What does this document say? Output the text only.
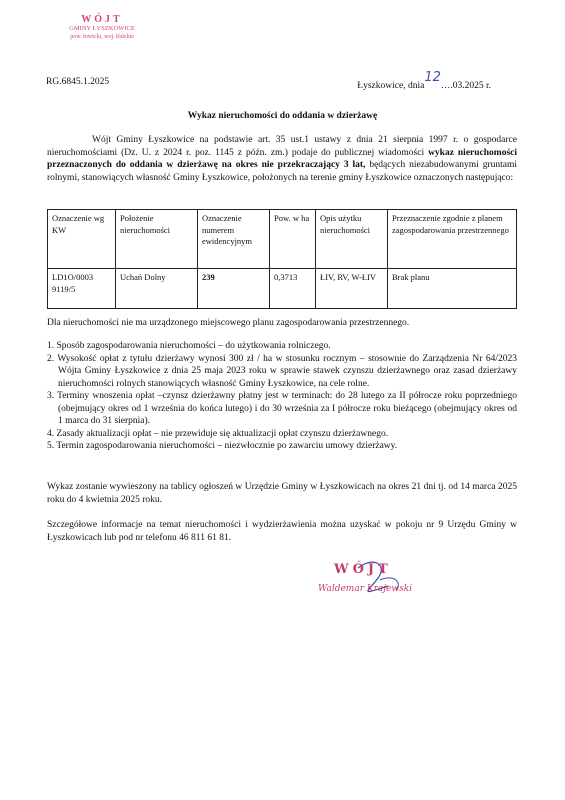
WÓJT
GMINY ŁYSZKOWICE
pow. łowicki, woj. łódzkie
RG.6845.1.2025	Łyszkowice, dnia12….03.2025 r.
Wykaz nieruchomości do oddania w dzierżawę

Wójt Gminy Łyszkowice na podstawie art. 35 ust.1 ustawy z dnia 21 sierpnia 1997 r. o gospodarce nieruchomościami (Dz. U. z 2024 r. poz. 1145 z późn. zm.) podaje do publicznej wiadomości wykaz nieruchomości przeznaczonych do oddania w dzierżawę na okres nie przekraczający 3 lat, będących niezabudowanymi gruntami rolnymi, stanowiących własność Gminy Łyszkowice, położonych na terenie gminy Łyszkowice oznaczonych następująco:

Oznaczenie wg KW	Położenie nieruchomości	Oznaczenie numerem ewidencyjnym	Pow. w ha	Opis użytku nieruchomości	Przeznaczenie zgodnie z planem zagospodarowania przestrzennego
LD1O/0003 9119/5	Uchań Dolny	239	0,3713	ŁIV, RV, W-ŁIV	Brak planu
Dla nieruchomości nie ma urządzonego miejscowego planu zagospodarowania przestrzennego.
1. Sposób zagospodarowania nieruchomości – do użytkowania rolniczego.
2. Wysokość opłat z tytułu dzierżawy wynosi 300 zł / ha w stosunku rocznym – stosownie do Zarządzenia Nr 64/2023 Wójta Gminy Łyszkowice z dnia 25 maja 2023 roku w sprawie stawek czynszu dzierżawnego oraz zasad dzierżawy nieruchomości rolnych stanowiących własność Gminy Łyszkowice, na cele rolne.
3. Terminy wnoszenia opłat –czynsz dzierżawny płatny jest w terminach: do 28 lutego za II półrocze roku poprzedniego (obejmujący okres od 1 września do końca lutego) i do 30 września za I półrocze roku bieżącego (obejmujący okres od 1 marca do 31 sierpnia).
4. Zasady aktualizacji opłat – nie przewiduje się aktualizacji opłat czynszu dzierżawnego.
5. Termin zagospodarowania nieruchomości – niezwłocznie po zawarciu umowy dzierżawy.
Wykaz zostanie wywieszony na tablicy ogłoszeń w Urzędzie Gminy w Łyszkowicach na okres 21 dni tj. od 14 marca 2025 roku do 4 kwietnia 2025 roku.
Szczegółowe informacje na temat nieruchomości i wydzierżawienia można uzyskać w pokoju nr 9 Urzędu Gminy w Łyszkowicach lub pod nr telefonu 46 811 61 81.
WÓJT
Waldemar Krajewski
